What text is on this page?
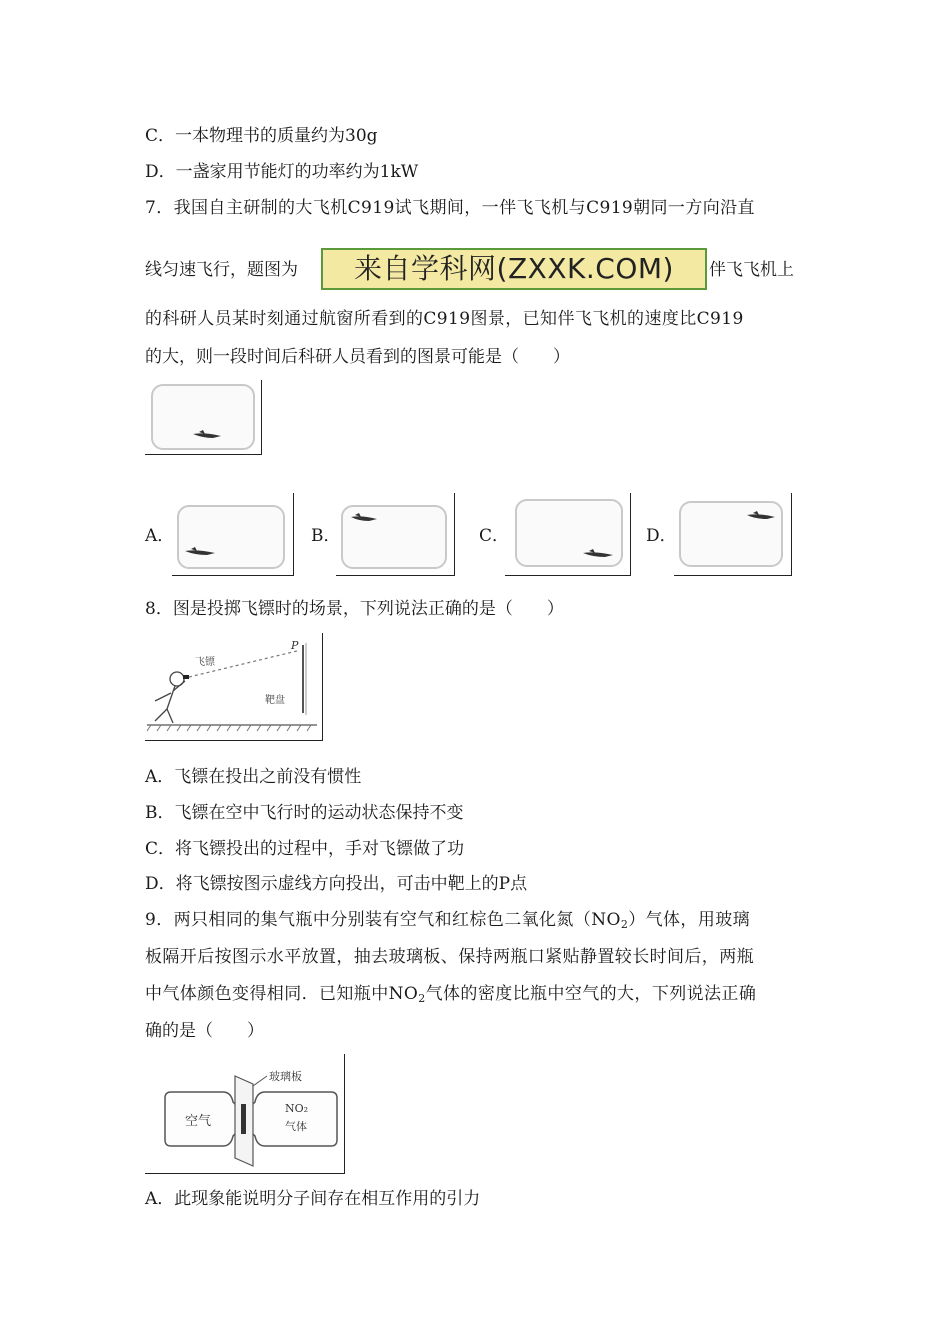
C．一本物理书的质量约为30g
D．一盏家用节能灯的功率约为1kW
7．我国自主研制的大飞机C919试飞期间，一伴飞飞机与C919朝同一方向沿直
线匀速飞行，题图为	来自学科网(ZXXK.COM)	伴飞飞机上
的科研人员某时刻通过航窗所看到的C919图景，已知伴飞飞机的速度比C919
的大，则一段时间后科研人员看到的图景可能是（　　）
A．	B．	C．	D．
8．图是投掷飞镖时的场景，下列说法正确的是（　　）
飞镖
P
靶盘
A．飞镖在投出之前没有惯性
B．飞镖在空中飞行时的运动状态保持不变
C．将飞镖投出的过程中，手对飞镖做了功
D．将飞镖按图示虚线方向投出，可击中靶上的P点
9．两只相同的集气瓶中分别装有空气和红棕色二氧化氮$(NO_2)$气体，用玻璃
板隔开后按图示水平放置，抽去玻璃板、保持两瓶口紧贴静置较长时间后，两瓶
中气体颜色变得相同．已知瓶中$NO_2$气体的密度比瓶中空气的大，下列说法正确
确的是（　　）
玻璃板
空气
NO₂
气体
A．此现象能说明分子间存在相互作用的引力
